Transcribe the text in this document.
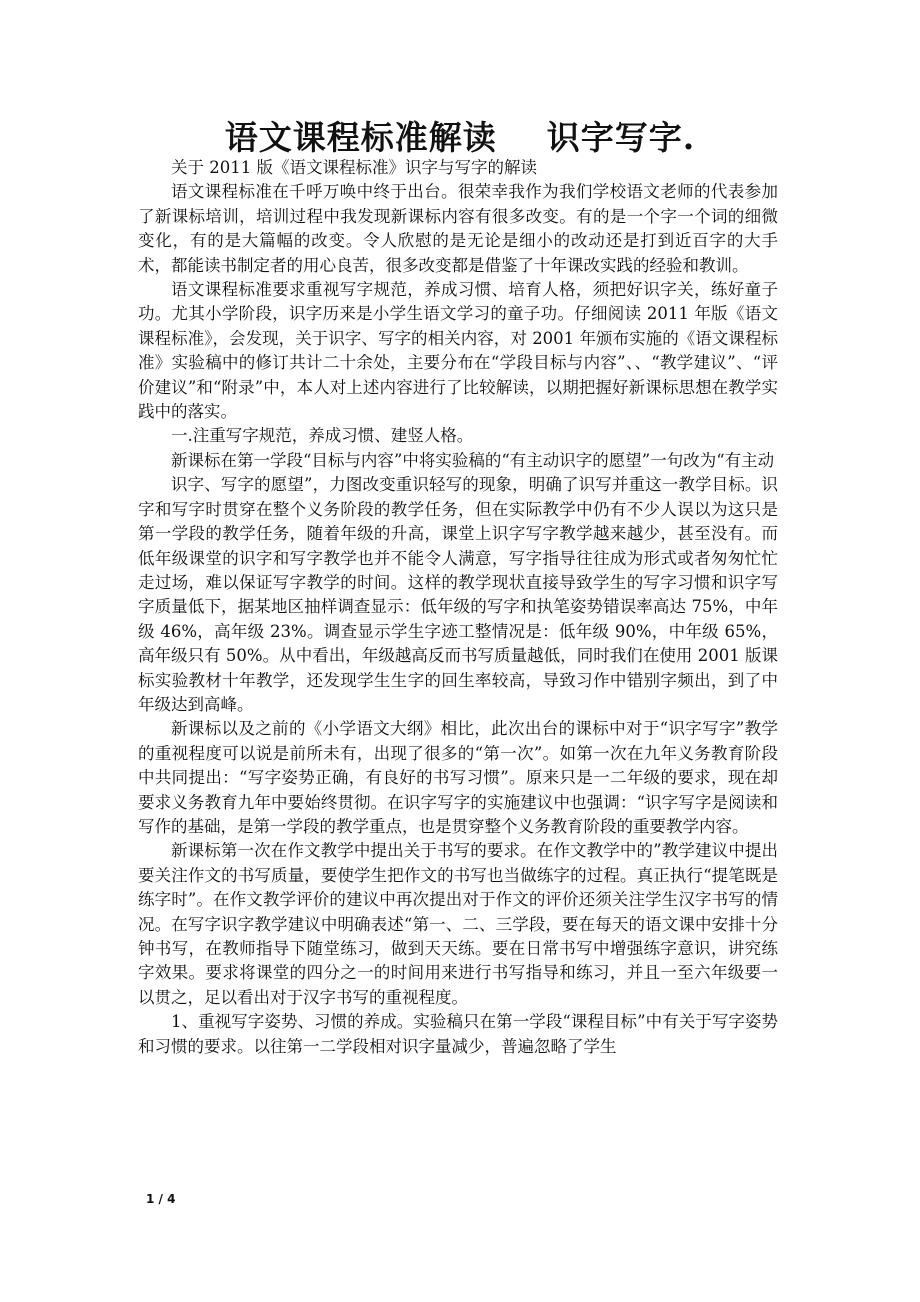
语文课程标准解读    识字写字.

关于 2011 版《语文课程标准》识字与写字的解读

语文课程标准在千呼万唤中终于出台。很荣幸我作为我们学校语文老师的代表参加了新课标培训，培训过程中我发现新课标内容有很多改变。有的是一个字一个词的细微变化，有的是大篇幅的改变。令人欣慰的是无论是细小的改动还是打到近百字的大手术，都能读书制定者的用心良苦，很多改变都是借鉴了十年课改实践的经验和教训。

语文课程标准要求重视写字规范，养成习惯、培育人格，须把好识字关，练好童子功。尤其小学阶段，识字历来是小学生语文学习的童子功。仔细阅读 2011 年版《语文课程标准》，会发现，关于识字、写字的相关内容，对 2001 年颁布实施的《语文课程标准》实验稿中的修订共计二十余处，主要分布在“学段目标与内容”、、“教学建议”、“评价建议”和“附录”中，本人对上述内容进行了比较解读，以期把握好新课标思想在教学实践中的落实。

一.注重写字规范，养成习惯、建竖人格。

新课标在第一学段“目标与内容”中将实验稿的“有主动识字的愿望”一句改为“有主动

识字、写字的愿望”，力图改变重识轻写的现象，明确了识写并重这一教学目标。识字和写字时贯穿在整个义务阶段的教学任务，但在实际教学中仍有不少人误以为这只是第一学段的教学任务，随着年级的升高，课堂上识字写字教学越来越少，甚至没有。而低年级课堂的识字和写字教学也并不能令人满意，写字指导往往成为形式或者匆匆忙忙走过场，难以保证写字教学的时间。这样的教学现状直接导致学生的写字习惯和识字写字质量低下，据某地区抽样调查显示：低年级的写字和执笔姿势错误率高达 75%，中年级 46%，高年级 23%。调查显示学生字迹工整情况是：低年级 90%，中年级 65%，高年级只有 50%。从中看出，年级越高反而书写质量越低，同时我们在使用 2001 版课标实验教材十年教学，还发现学生生字的回生率较高，导致习作中错别字频出，到了中年级达到高峰。

新课标以及之前的《小学语文大纲》相比，此次出台的课标中对于“识字写字”教学的重视程度可以说是前所未有，出现了很多的“第一次”。如第一次在九年义务教育阶段中共同提出：“写字姿势正确，有良好的书写习惯”。原来只是一二年级的要求，现在却要求义务教育九年中要始终贯彻。在识字写字的实施建议中也强调：“识字写字是阅读和写作的基础，是第一学段的教学重点，也是贯穿整个义务教育阶段的重要教学内容。

新课标第一次在作文教学中提出关于书写的要求。在作文教学中的”教学建议中提出要关注作文的书写质量，要使学生把作文的书写也当做练字的过程。真正执行“提笔既是练字时”。在作文教学评价的建议中再次提出对于作文的评价还须关注学生汉字书写的情况。在写字识字教学建议中明确表述“第一、二、三学段，要在每天的语文课中安排十分钟书写，在教师指导下随堂练习，做到天天练。要在日常书写中增强练字意识，讲究练字效果。要求将课堂的四分之一的时间用来进行书写指导和练习，并且一至六年级要一以贯之，足以看出对于汉字书写的重视程度。

1、重视写字姿势、习惯的养成。实验稿只在第一学段“课程目标”中有关于写字姿势和习惯的要求。以往第一二学段相对识字量减少，普遍忽略了学生

1 / 4
